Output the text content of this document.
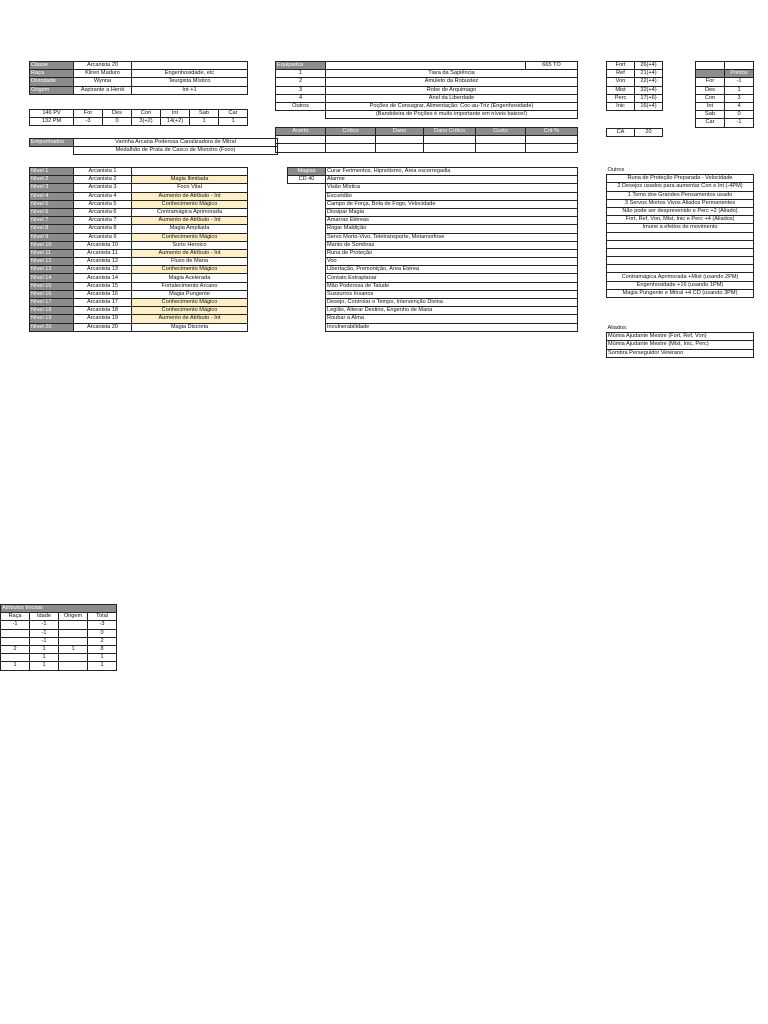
Classe	Arcanista 20	
Raça	Kliren Maduro	Engenhosidade, etc
Divindade	Wynna	Teurgista Místico
Origem	Aspirante a Herói	Int +1
146 PV	For	Des	Con	Int	Sab	Car
132 PM	-3	0	3(+2)	14(+2)	1	1
Empunhados	Varinha Arcana Poderosa Canalizadora de Mitral
	Medalhão de Prata de Casco de Monstro (Foco)
Equipados		665 TO
1	Tiara da Sapiência	
2	Amuleto da Robustez	
3	Robe do Arquimago	
4	Anel da Liberdade	
Outros	Poções de Consagrar, Alimentação: Coc-au-Triz (Engenhosidade)	
	(Bandoleira de Poções é muito importante em níveis baixos!)	
Acerto	Crítico	Dano	Dano Crítico	Custo	Crit %

Fort	26(+4)
Ref	21(+4)
Von	22(+4)
Mist	32(+4)
Perc	17(+6)
Inic	16(+4)
CA	20

	Pontos
For	-1
Des	1
Con	3
Int	4
Sab	0
Car	-1
Nível 1	Arcanista 1	
Nível 2	Arcanista 2	Magia Ilimitada
Nível 3	Arcanista 3	Foco Vital
Nível 4	Arcanista 4	Aumento de Atributo - Int
Nível 5	Arcanista 5	Conhecimento Mágico
Nível 6	Arcanista 6	Contramágica Aprimorada
Nível 7	Arcanista 7	Aumento de Atributo - Int
Nível 8	Arcanista 8	Magia Ampliada
Nível 9	Arcanista 9	Conhecimento Mágico
Nível 10	Arcanista 10	Surto Heroico
Nível 11	Arcanista 11	Aumento de Atributo - Int
Nível 12	Arcanista 12	Fluxo de Mana
Nível 13	Arcanista 13	Conhecimento Mágico
Nível 14	Arcanista 14	Magia Acelerada
Nível 15	Arcanista 15	Fortalecimento Arcano
Nível 16	Arcanista 16	Magia Pungente
Nível 17	Arcanista 17	Conhecimento Mágico
Nível 18	Arcanista 18	Conhecimento Mágico
Nível 19	Arcanista 19	Aumento de Atributo - Int
Nível 20	Arcanista 20	Magia Discreta
Magias	Curar Ferimentos, Hipnotismo, Área escorregadia
CD 40	Alarme
	Visão Mística
	Escuridão
	Campo de Força, Bola de Fogo, Velocidade
	Dissipar Magia
	Amarras Etéreas
	Rogar Maldição
	Servo Morto-Vivo, Teletransporte, Metamorfose
	Manto de Sombras
	Runa de Proteção
	Voo
	Libertação, Premonição, Área Etérea
	Contato Extraplanar
	Mão Poderosa de Talude
	Sussurros Insanos
	Desejo, Controlar o Tempo, Intervenção Divina
	Legião, Alterar Destino, Engenho de Mana
	Roubar a Alma
	Invulnerabilidade
Outros
Runa de Proteção Preparada - Velocidade
2 Desejos usados para aumentar Con e Int (-4PM)
1 Tomo dos Grandes Pensamentos usado
3 Servos Mortos Vivos Aliados Permanentes
Não pode ser desprevenido e Perc +2 (Aliado)
Fort, Ref, Von, Mist, Inic e Perc +4 (Aliados)
Imune a efeitos de movimento

Contramágica Aprimorada +Mist (usando 2PM)
Engenhosidade +16 (usando 1PM)
Magia Pungente e Mitral +4 CD (usando 3PM)
Aliados:
Múmia Ajudante Mestre (Fort, Ref, Von)
Múmia Ajudante Mestre (Mist, Inic, Perc)
Sombra Perseguidor Veterano
Atributos Iniciais			
Raça	Idade	Origem	Total
-1	-1		-3
	-1		0
	-1		2
2	1	1	8
	1		1
1	1		1
